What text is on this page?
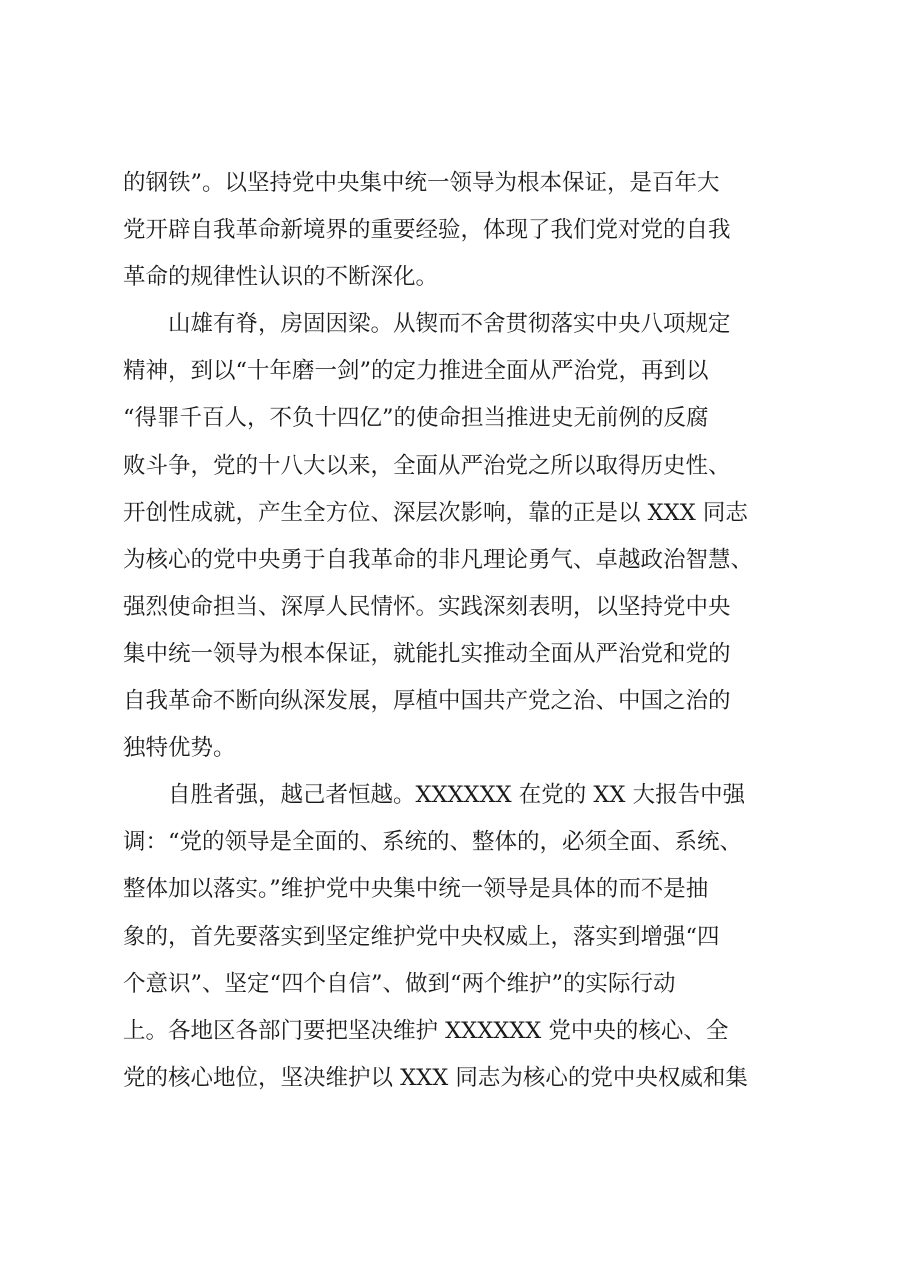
的钢铁”。以坚持党中央集中统一领导为根本保证，是百年大
党开辟自我革命新境界的重要经验，体现了我们党对党的自我
革命的规律性认识的不断深化。
山雄有脊，房固因梁。从锲而不舍贯彻落实中央八项规定
精神，到以“十年磨一剑”的定力推进全面从严治党，再到以
“得罪千百人，不负十四亿”的使命担当推进史无前例的反腐
败斗争，党的十八大以来，全面从严治党之所以取得历史性、
开创性成就，产生全方位、深层次影响，靠的正是以 XXX 同志
为核心的党中央勇于自我革命的非凡理论勇气、卓越政治智慧、
强烈使命担当、深厚人民情怀。实践深刻表明，以坚持党中央
集中统一领导为根本保证，就能扎实推动全面从严治党和党的
自我革命不断向纵深发展，厚植中国共产党之治、中国之治的
独特优势。
自胜者强，越己者恒越。XXXXXX 在党的 XX 大报告中强
调：“党的领导是全面的、系统的、整体的，必须全面、系统、
整体加以落实。”维护党中央集中统一领导是具体的而不是抽
象的，首先要落实到坚定维护党中央权威上，落实到增强“四
个意识”、坚定“四个自信”、做到“两个维护”的实际行动
上。各地区各部门要把坚决维护 XXXXXX 党中央的核心、全
党的核心地位，坚决维护以 XXX 同志为核心的党中央权威和集
